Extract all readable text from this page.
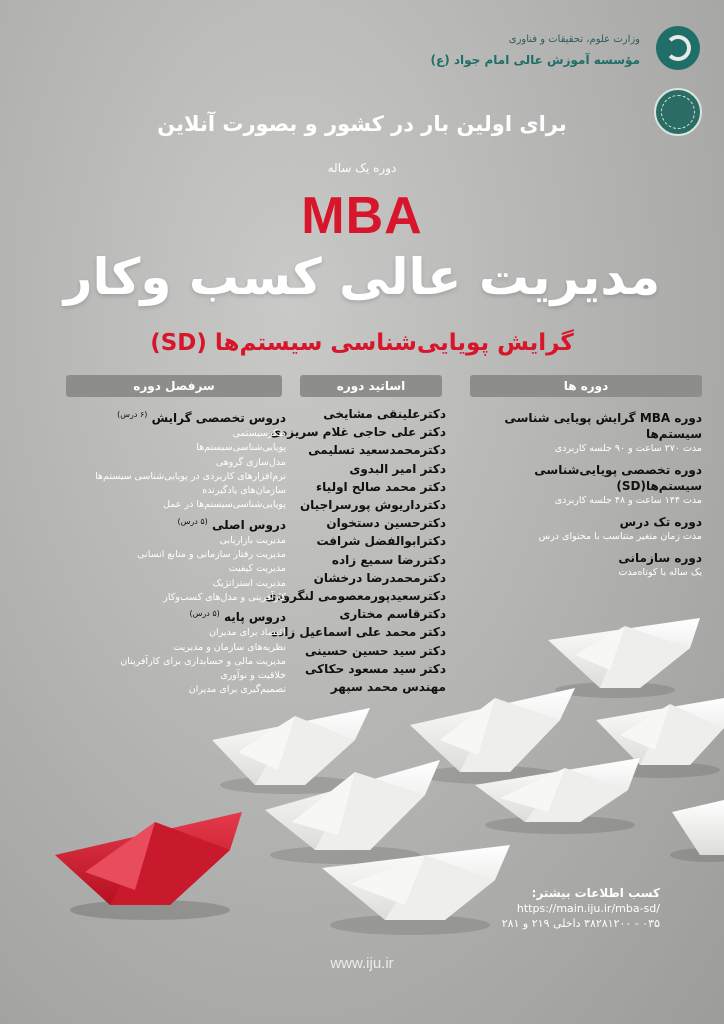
وزارت علوم، تحقیقات و فناوری
مؤسسه آموزش عالی امام جواد (ع)
برای اولین بار در کشور و بصورت آنلاین
دوره یک ساله
MBA
مدیریت عالی کسب وکار
گرایش پویایی‌شناسی سیستم‌ها (SD)
دوره ها
اساتید دوره
سرفصل دوره
دوره MBA گرایش پویایی شناسی سیستم‌ها
مدت ۲۷۰ ساعت و ۹۰ جلسه کاربردی
دوره تخصصی پویایی‌شناسی سیستم‌ها(SD)
مدت ۱۴۴ ساعت و ۴۸ جلسه کاربردی
دوره تک درس
مدت زمان متغیر متناسب با محتوای درس
دوره سازمانی
یک ساله یا کوتاه‌مدت
دکترعلینقی مشایخی
دکتر علی حاجی غلام سریزدی
دکترمحمدسعید تسلیمی
دکتر امیر البدوی
دکتر محمد صالح اولیاء
دکترداریوش پورسراجیان
دکترحسین دستخوان
دکترابوالفضل شرافت
دکتررضا سمیع زاده
دکترمحمدرضا درخشان
دکترسعیدپورمعصومی لنگرودی
دکترقاسم مختاری
دکتر محمد علی اسماعیل زاده
دکتر سید حسین حسینی
دکتر سید مسعود حکاکی
مهندس محمد سپهر
دروس تخصصی گرایش $^{(۶ درس)}$
تفکرسیستمی
پویایی‌شناسی‌سیستم‌ها
مدل‌سازی گروهی
نرم‌افزارهای کاربردی در پویایی‌شناسی سیستم‌ها
سازمان‌های یادگیرنده
پویایی‌شناسی‌سیستم‌ها در عمل
دروس اصلی $^{(۵ درس)}$
مدیریت بازاریابی
مدیریت رفتار سازمانی و منابع انسانی
مدیریت کیفیت
مدیریت استراتژیک
کارآفرینی و مدل‌های کسب‌وکار
دروس پایه $^{(۵ درس)}$
اقتصاد برای مدیران
نظریه‌های سازمان و مدیریت
مدیریت مالی و حسابداری برای کارآفرینان
خلاقیت و نوآوری
تصمیم‌گیری برای مدیران
کسب اطلاعات بیشتر:
https://main.iju.ir/mba-sd/
۰۳۵ - ۳۸۲۸۱۲۰۰ داخلی ۲۱۹ و ۲۸۱
www.iju.ir
